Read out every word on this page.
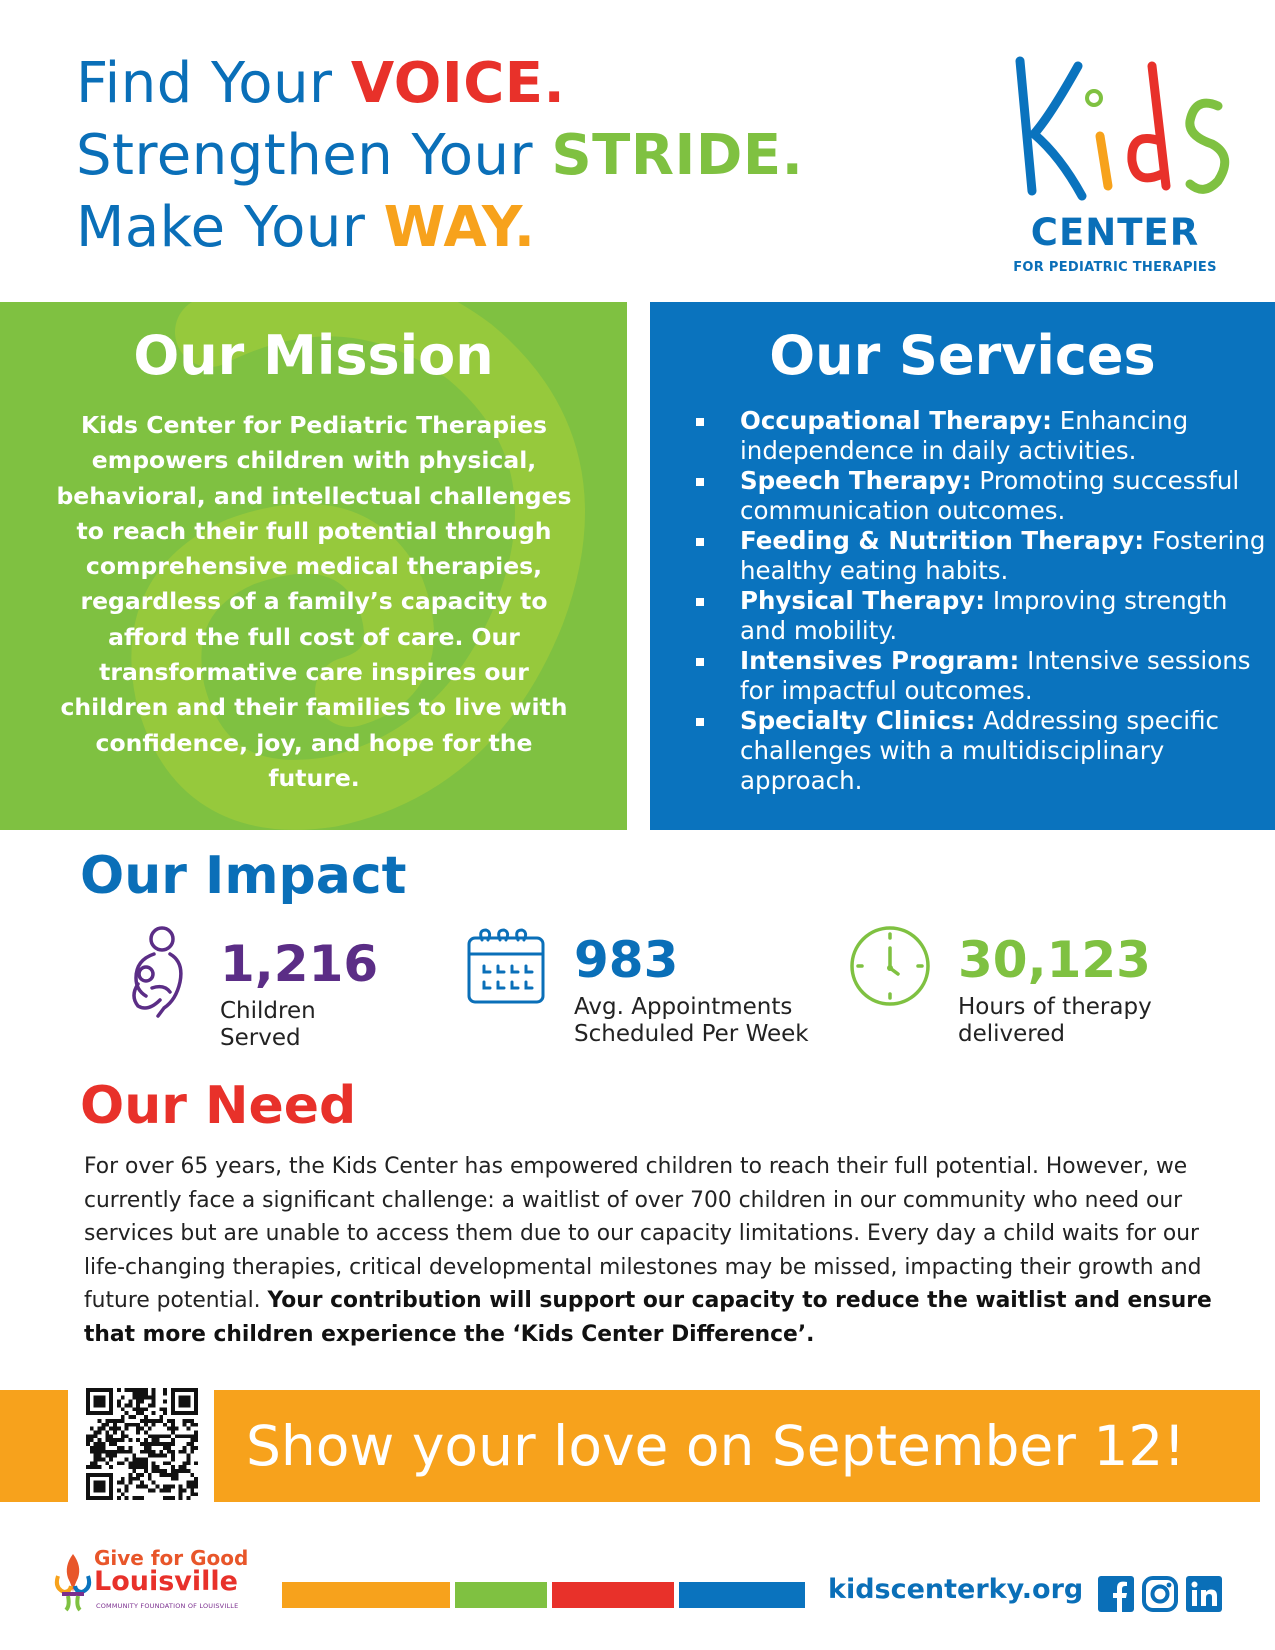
Find Your VOICE.
Strengthen Your STRIDE.
Make Your WAY.	CENTER
FOR PEDIATRIC THERAPIES
Our Mission

Kids Center for Pediatric Therapies empowers children with physical, behavioral, and intellectual challenges to reach their full potential through comprehensive medical therapies, regardless of a family’s capacity to afford the full cost of care. Our transformative care inspires our children and their families to live with confidence, joy, and hope for the future.

Our Services
Occupational Therapy: Enhancing independence in daily activities.
Speech Therapy: Promoting successful communication outcomes.
Feeding & Nutrition Therapy: Fostering healthy eating habits.
Physical Therapy: Improving strength and mobility.
Intensives Program: Intensive sessions for impactful outcomes.
Specialty Clinics: Addressing specific challenges with a multidisciplinary approach.
Our Impact
1,216
Children
Served
983
Avg. Appointments
Scheduled Per Week
30,123
Hours of therapy
delivered
Our Need

For over 65 years, the Kids Center has empowered children to reach their full potential. However, we currently face a significant challenge: a waitlist of over 700 children in our community who need our services but are unable to access them due to our capacity limitations. Every day a child waits for our life-changing therapies, critical developmental milestones may be missed, impacting their growth and future potential. Your contribution will support our capacity to reduce the waitlist and ensure that more children experience the ‘Kids Center Difference’.

Show your love on September 12!
Give for Good
Louisville
COMMUNITY FOUNDATION OF LOUISVILLE
kidscenterky.org
